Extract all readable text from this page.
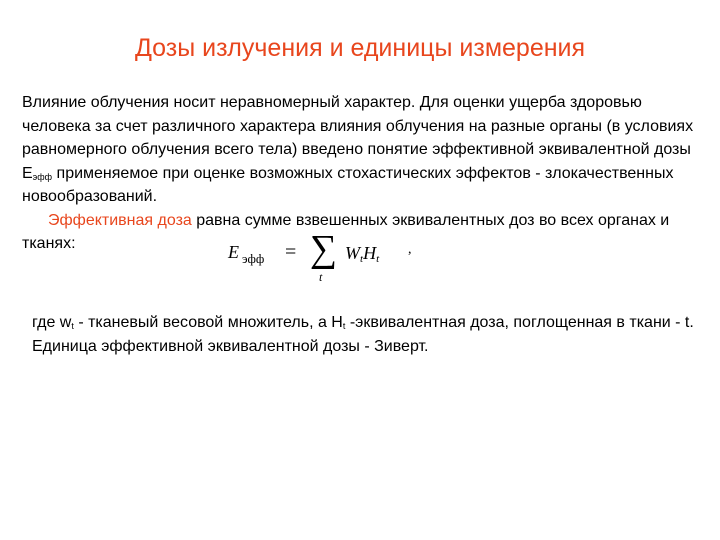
Дозы излучения и единицы измерения
Влияние облучения носит неравномерный характер. Для оценки ущерба здоровью человека за счет различного характера влияния облучения на разные органы (в условиях равномерного облучения всего тела) введено понятие эффективной эквивалентной дозы $Е_{эфф}$ применяемое при оценке возможных стохастических эффектов - злокачественных новообразований.
Эффективная доза равна сумме взвешенных эквивалентных доз во всех органах и тканях:	E эфф = ∑
t
$W_tH_t$
,
где $w_t$ - тканевый весовой множитель, а $H_t$ -эквивалентная доза, поглощенная в ткани - t. Единица эффективной эквивалентной дозы - Зиверт.
